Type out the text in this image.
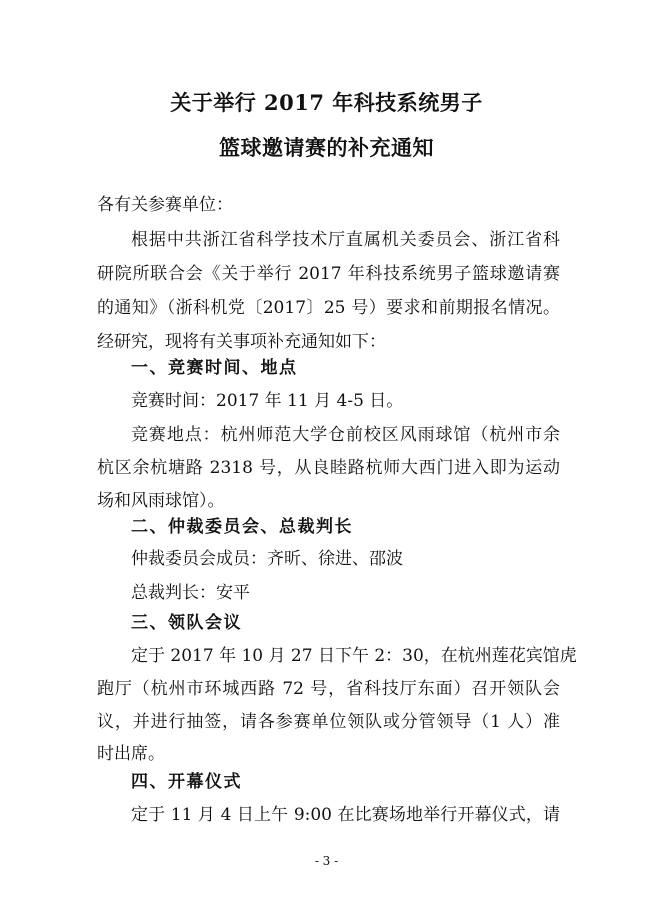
关于举行 2017 年科技系统男子
篮球邀请赛的补充通知
各有关参赛单位：
根据中共浙江省科学技术厅直属机关委员会、浙江省科
研院所联合会《关于举行 2017 年科技系统男子篮球邀请赛
的通知》（浙科机党〔2017〕25 号）要求和前期报名情况。
经研究，现将有关事项补充通知如下：
一、竞赛时间、地点
竞赛时间：2017 年 11 月 4-5 日。
竞赛地点：杭州师范大学仓前校区风雨球馆（杭州市余
杭区余杭塘路 2318 号，从良睦路杭师大西门进入即为运动
场和风雨球馆）。
二、仲裁委员会、总裁判长
仲裁委员会成员：齐昕、徐进、邵波
总裁判长：安平
三、领队会议
定于 2017 年 10 月 27 日下午 2：30，在杭州莲花宾馆虎
跑厅（杭州市环城西路 72 号，省科技厅东面）召开领队会
议，并进行抽签，请各参赛单位领队或分管领导（1 人）准
时出席。
四、开幕仪式
定于 11 月 4 日上午 9:00 在比赛场地举行开幕仪式，请
- 3 -
